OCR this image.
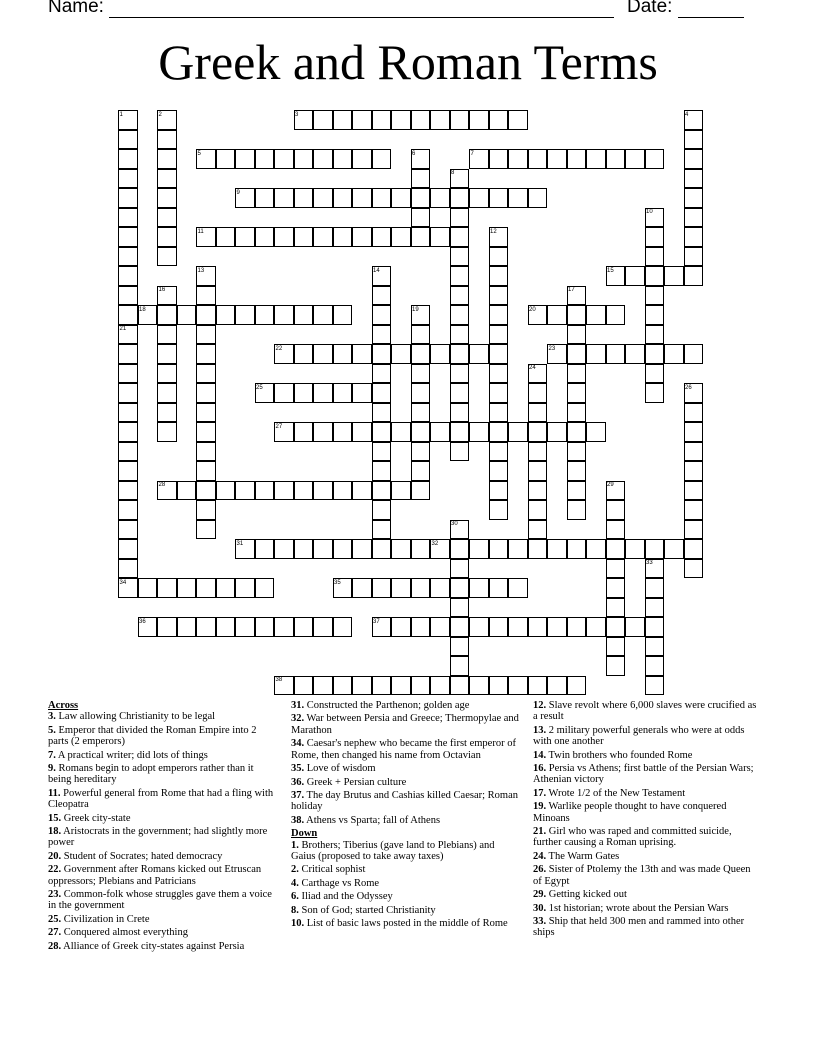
Name:	Date:
Greek and Roman Terms
1	2	3	4
5	6	7
8
9
10
11	12
13	14	15
16	17
18	19	20
21
22	23
24
25	26
27
28	29
30
31	32
33
34	35
36	37
38
Across
3. Law allowing Christianity to be legal
5. Emperor that divided the Roman Empire into 2 parts (2 emperors)
7. A practical writer; did lots of things
9. Romans begin to adopt emperors rather than it being hereditary
11. Powerful general from Rome that had a fling with Cleopatra
15. Greek city-state
18. Aristocrats in the government; had slightly more power
20. Student of Socrates; hated democracy
22. Government after Romans kicked out Etruscan oppressors; Plebians and Patricians
23. Common-folk whose struggles gave them a voice in the government
25. Civilization in Crete
27. Conquered almost everything
28. Alliance of Greek city-states against Persia
31. Constructed the Parthenon; golden age
32. War between Persia and Greece; Thermopylae and Marathon
34. Caesar's nephew who became the first emperor of Rome, then changed his name from Octavian
35. Love of wisdom
36. Greek + Persian culture
37. The day Brutus and Cashias killed Caesar; Roman holiday
38. Athens vs Sparta; fall of Athens
Down
1. Brothers; Tiberius (gave land to Plebians) and Gaius (proposed to take away taxes)
2. Critical sophist
4. Carthage vs Rome
6. Iliad and the Odyssey
8. Son of God; started Christianity
10. List of basic laws posted in the middle of Rome
12. Slave revolt where 6,000 slaves were crucified as a result
13. 2 military powerful generals who were at odds with one another
14. Twin brothers who founded Rome
16. Persia vs Athens; first battle of the Persian Wars; Athenian victory
17. Wrote 1/2 of the New Testament
19. Warlike people thought to have conquered Minoans
21. Girl who was raped and committed suicide, further causing a Roman uprising.
24. The Warm Gates
26. Sister of Ptolemy the 13th and was made Queen of Egypt
29. Getting kicked out
30. 1st historian; wrote about the Persian Wars
33. Ship that held 300 men and rammed into other ships
